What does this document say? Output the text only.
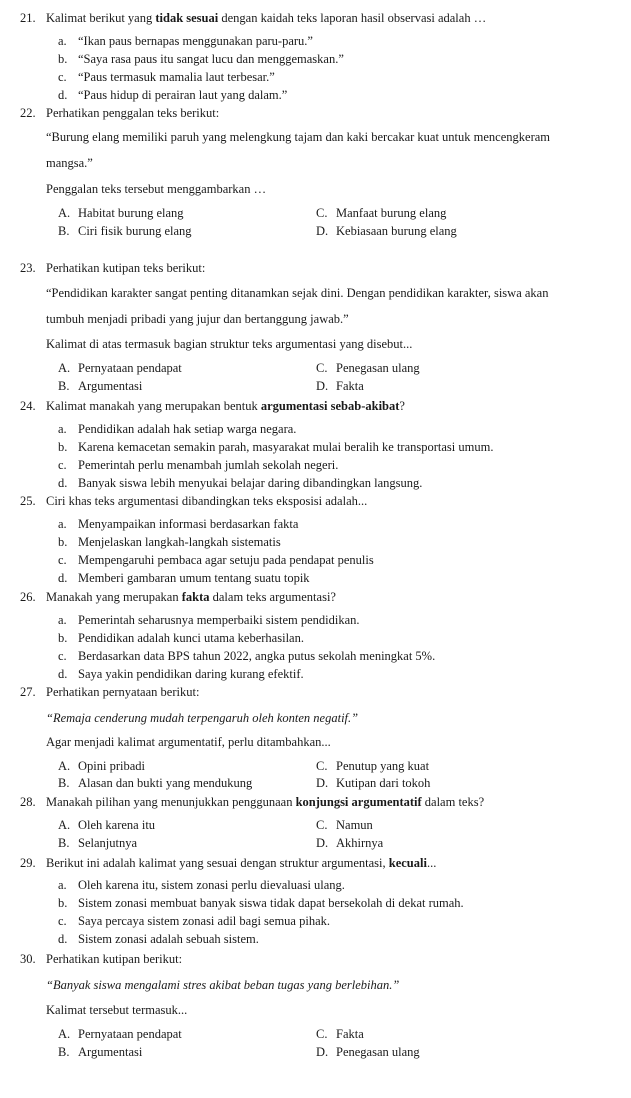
21. Kalimat berikut yang tidak sesuai dengan kaidah teks laporan hasil observasi adalah …
a. “Ikan paus bernapas menggunakan paru-paru.”
b. “Saya rasa paus itu sangat lucu dan menggemaskan.”
c. “Paus termasuk mamalia laut terbesar.”
d. “Paus hidup di perairan laut yang dalam.”
22. Perhatikan penggalan teks berikut:
“Burung elang memiliki paruh yang melengkung tajam dan kaki bercakar kuat untuk mencengkeram
mangsa.”
Penggalan teks tersebut menggambarkan …
A. Habitat burung elang	C. Manfaat burung elang
B. Ciri fisik burung elang	D. Kebiasaan burung elang
23. Perhatikan kutipan teks berikut:
“Pendidikan karakter sangat penting ditanamkan sejak dini. Dengan pendidikan karakter, siswa akan
tumbuh menjadi pribadi yang jujur dan bertanggung jawab.”
Kalimat di atas termasuk bagian struktur teks argumentasi yang disebut...
A. Pernyataan pendapat	C. Penegasan ulang
B. Argumentasi	D. Fakta
24. Kalimat manakah yang merupakan bentuk argumentasi sebab-akibat?
a. Pendidikan adalah hak setiap warga negara.
b. Karena kemacetan semakin parah, masyarakat mulai beralih ke transportasi umum.
c. Pemerintah perlu menambah jumlah sekolah negeri.
d. Banyak siswa lebih menyukai belajar daring dibandingkan langsung.
25. Ciri khas teks argumentasi dibandingkan teks eksposisi adalah...
a. Menyampaikan informasi berdasarkan fakta
b. Menjelaskan langkah-langkah sistematis
c. Mempengaruhi pembaca agar setuju pada pendapat penulis
d. Memberi gambaran umum tentang suatu topik
26. Manakah yang merupakan fakta dalam teks argumentasi?
a. Pemerintah seharusnya memperbaiki sistem pendidikan.
b. Pendidikan adalah kunci utama keberhasilan.
c. Berdasarkan data BPS tahun 2022, angka putus sekolah meningkat 5%.
d. Saya yakin pendidikan daring kurang efektif.
27. Perhatikan pernyataan berikut:
“Remaja cenderung mudah terpengaruh oleh konten negatif.”
Agar menjadi kalimat argumentatif, perlu ditambahkan...
A. Opini pribadi	C. Penutup yang kuat
B. Alasan dan bukti yang mendukung	D. Kutipan dari tokoh
28. Manakah pilihan yang menunjukkan penggunaan konjungsi argumentatif dalam teks?
A. Oleh karena itu	C. Namun
B. Selanjutnya	D. Akhirnya
29. Berikut ini adalah kalimat yang sesuai dengan struktur argumentasi, kecuali...
a. Oleh karena itu, sistem zonasi perlu dievaluasi ulang.
b. Sistem zonasi membuat banyak siswa tidak dapat bersekolah di dekat rumah.
c. Saya percaya sistem zonasi adil bagi semua pihak.
d. Sistem zonasi adalah sebuah sistem.
30. Perhatikan kutipan berikut:
“Banyak siswa mengalami stres akibat beban tugas yang berlebihan.”
Kalimat tersebut termasuk...
A. Pernyataan pendapat	C. Fakta
B. Argumentasi	D. Penegasan ulang
